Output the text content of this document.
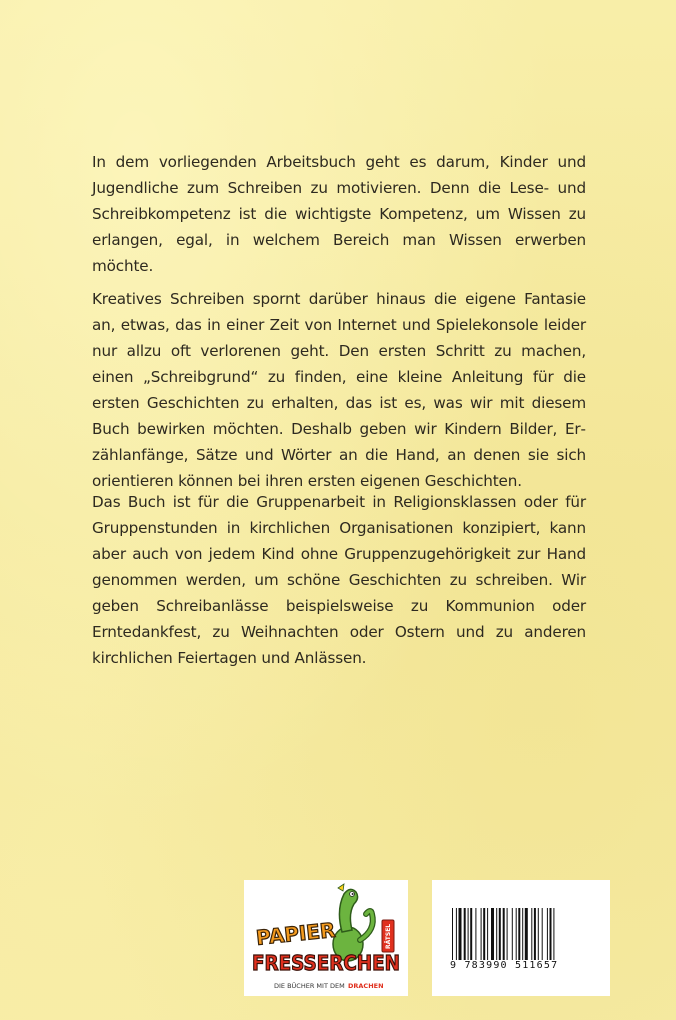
In dem vorliegenden Arbeitsbuch geht es darum, Kinder und Jugendliche zum Schreiben zu motivieren. Denn die Lese- und Schreibkompetenz ist die wichtigste Kompetenz, um Wissen zu erlangen, egal, in welchem Bereich man Wissen erwerben möchte.

Kreatives Schreiben spornt darüber hinaus die eigene Fantasie an, etwas, das in einer Zeit von Internet und Spielekonsole leider nur allzu oft verlorenen geht. Den ersten Schritt zu machen, einen „Schreibgrund“ zu finden, eine kleine Anleitung für die ersten Geschichten zu erhalten, das ist es, was wir mit diesem Buch bewirken möchten. Deshalb geben wir Kindern Bilder, Erzählanfänge, Sätze und Wörter an die Hand, an denen sie sich orientieren können bei ihren ersten eigenen Geschichten.

Das Buch ist für die Gruppenarbeit in Religionsklassen oder für Gruppenstunden in kirchlichen Organisationen konzipiert, kann aber auch von jedem Kind ohne Gruppenzugehörigkeit zur Hand genommen werden, um schöne Geschichten zu schreiben. Wir geben Schreibanlässe beispielsweise zu Kommunion oder Erntedankfest, zu Weihnachten oder Ostern und zu anderen kirchlichen Feiertagen und Anlässen.

RÄTSEL
PAPIER
FRESSERCHEN
DIE BÜCHER MIT DEM DRACHEN
9 783990 511657
